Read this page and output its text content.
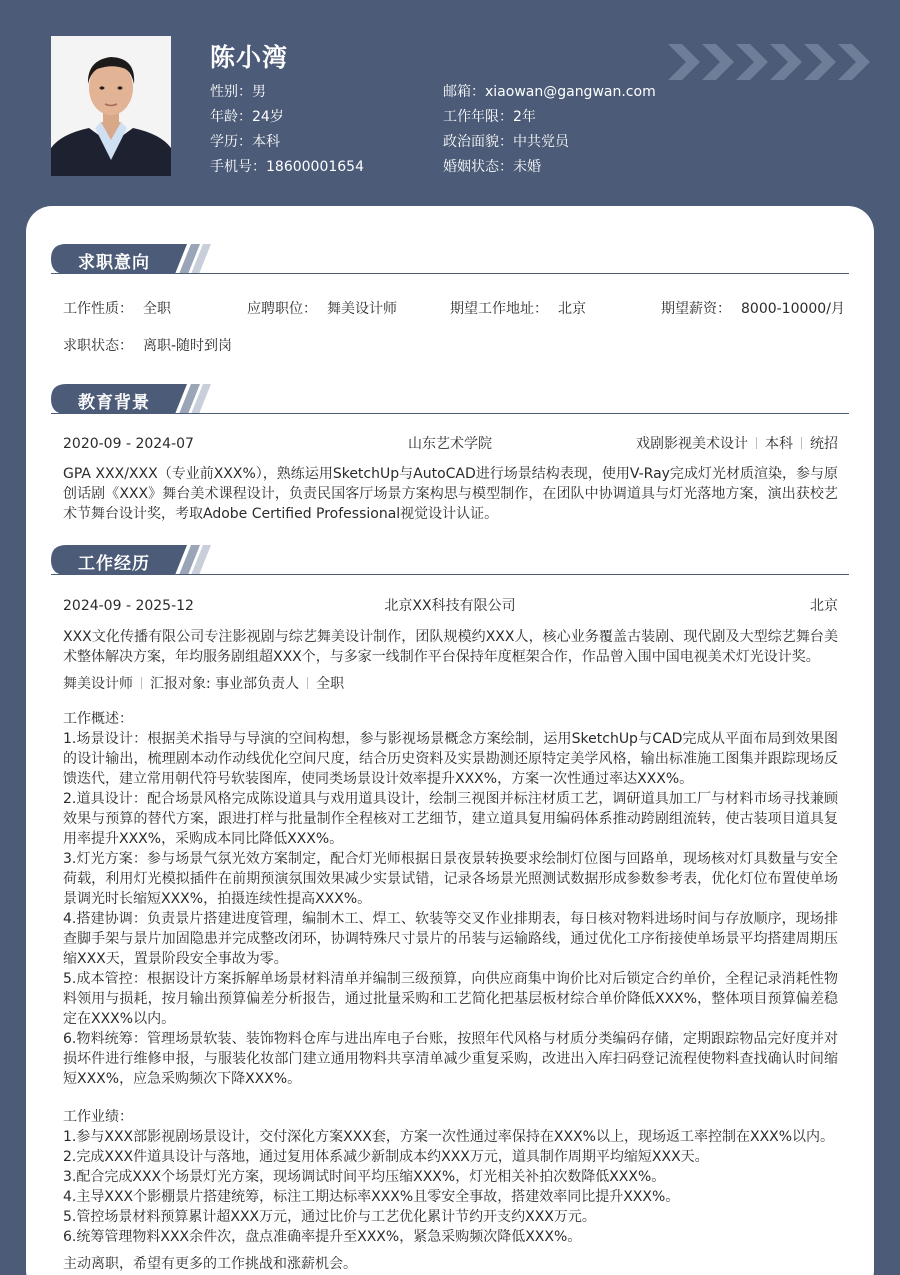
陈小湾
性别：男
年龄：24岁
学历：本科
手机号：18600001654
邮箱：xiaowan@gangwan.com
工作年限：2年
政治面貌：中共党员
婚姻状态：未婚
求职意向
工作性质： 全职	应聘职位： 舞美设计师	期望工作地址： 北京	期望薪资： 8000-10000/月
求职状态： 离职-随时到岗
教育背景
2020-09 - 2024-07	山东艺术学院	戏剧影视美术设计 本科 统招
GPA XXX/XXX（专业前XXX%），熟练运用SketchUp与AutoCAD进行场景结构表现，使用V-Ray完成灯光材质渲染，参与原创话剧《XXX》舞台美术课程设计，负责民国客厅场景方案构思与模型制作，在团队中协调道具与灯光落地方案，演出获校艺术节舞台设计奖，考取Adobe Certified Professional视觉设计认证。
工作经历
2024-09 - 2025-12	北京XX科技有限公司	北京
XXX文化传播有限公司专注影视剧与综艺舞美设计制作，团队规模约XXX人，核心业务覆盖古装剧、现代剧及大型综艺舞台美术整体解决方案，年均服务剧组超XXX个，与多家一线制作平台保持年度框架合作，作品曾入围中国电视美术灯光设计奖。
舞美设计师 汇报对象: 事业部负责人 全职
工作概述：
1.场景设计：根据美术指导与导演的空间构想，参与影视场景概念方案绘制，运用SketchUp与CAD完成从平面布局到效果图的设计输出，梳理剧本动作动线优化空间尺度，结合历史资料及实景勘测还原特定美学风格，输出标准施工图集并跟踪现场反馈迭代，建立常用朝代符号软装图库，使同类场景设计效率提升XXX%，方案一次性通过率达XXX%。
2.道具设计：配合场景风格完成陈设道具与戏用道具设计，绘制三视图并标注材质工艺，调研道具加工厂与材料市场寻找兼顾效果与预算的替代方案，跟进打样与批量制作全程核对工艺细节，建立道具复用编码体系推动跨剧组流转，使古装项目道具复用率提升XXX%，采购成本同比降低XXX%。
3.灯光方案：参与场景气氛光效方案制定，配合灯光师根据日景夜景转换要求绘制灯位图与回路单，现场核对灯具数量与安全荷载，利用灯光模拟插件在前期预演氛围效果减少实景试错，记录各场景光照测试数据形成参数参考表，优化灯位布置使单场景调光时长缩短XXX%，拍摄连续性提高XXX%。
4.搭建协调：负责景片搭建进度管理，编制木工、焊工、软装等交叉作业排期表，每日核对物料进场时间与存放顺序，现场排查脚手架与景片加固隐患并完成整改闭环，协调特殊尺寸景片的吊装与运输路线，通过优化工序衔接使单场景平均搭建周期压缩XXX天，置景阶段安全事故为零。
5.成本管控：根据设计方案拆解单场景材料清单并编制三级预算，向供应商集中询价比对后锁定合约单价，全程记录消耗性物料领用与损耗，按月输出预算偏差分析报告，通过批量采购和工艺简化把基层板材综合单价降低XXX%，整体项目预算偏差稳定在XXX%以内。
6.物料统筹：管理场景软装、装饰物料仓库与进出库电子台账，按照年代风格与材质分类编码存储，定期跟踪物品完好度并对损坏件进行维修申报，与服装化妆部门建立通用物料共享清单减少重复采购，改进出入库扫码登记流程使物料查找确认时间缩短XXX%，应急采购频次下降XXX%。
工作业绩：
1.参与XXX部影视剧场景设计，交付深化方案XXX套，方案一次性通过率保持在XXX%以上，现场返工率控制在XXX%以内。
2.完成XXX件道具设计与落地，通过复用体系减少新制成本约XXX万元，道具制作周期平均缩短XXX天。
3.配合完成XXX个场景灯光方案，现场调试时间平均压缩XXX%，灯光相关补拍次数降低XXX%。
4.主导XXX个影棚景片搭建统筹，标注工期达标率XXX%且零安全事故，搭建效率同比提升XXX%。
5.管控场景材料预算累计超XXX万元，通过比价与工艺优化累计节约开支约XXX万元。
6.统筹管理物料XXX余件次，盘点准确率提升至XXX%，紧急采购频次降低XXX%。
主动离职，希望有更多的工作挑战和涨薪机会。
